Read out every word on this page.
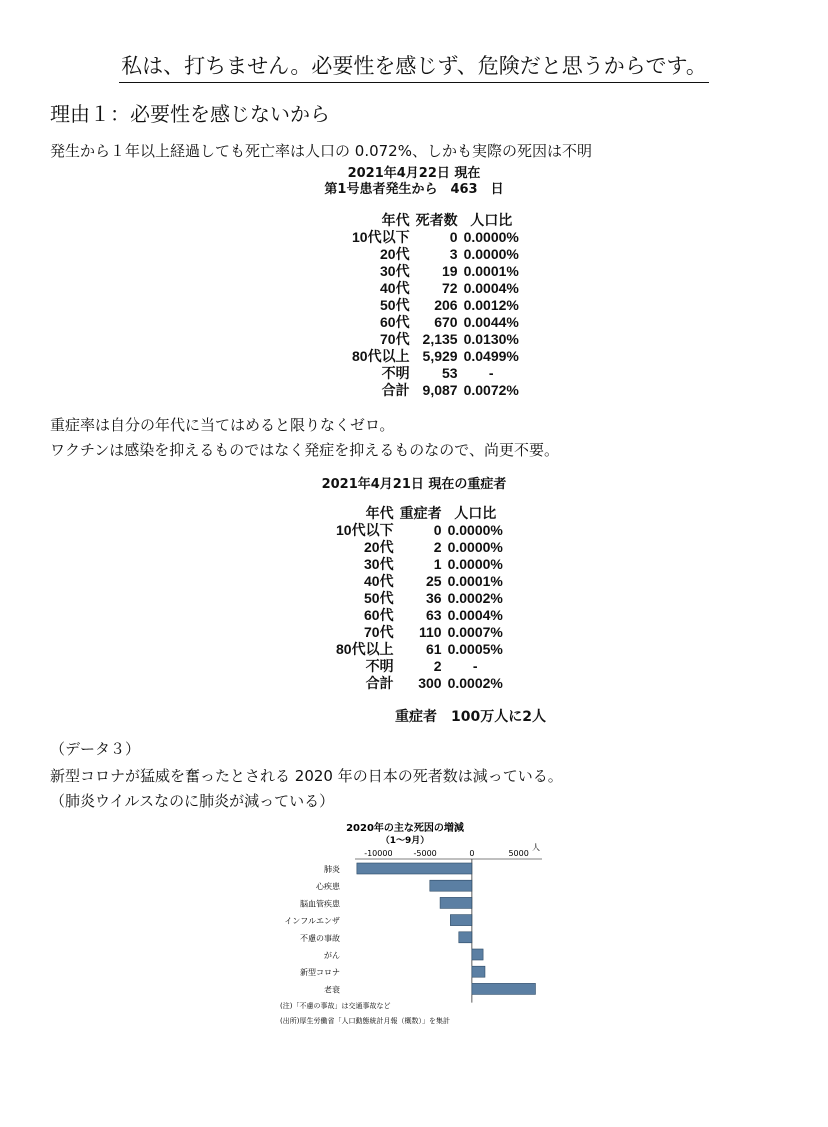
私は、打ちません。必要性を感じず、危険だと思うからです。
理由１：必要性を感じないから
発生から１年以上経過しても死亡率は人口の 0.072%、しかも実際の死因は不明
2021年4月22日 現在
第1号患者発生から　463　日
年代	死者数	人口比
10代以下	0	0.0000%
20代	3	0.0000%
30代	19	0.0001%
40代	72	0.0004%
50代	206	0.0012%
60代	670	0.0044%
70代	2,135	0.0130%
80代以上	5,929	0.0499%
不明	53	-
合計	9,087	0.0072%
重症率は自分の年代に当てはめると限りなくゼロ。
ワクチンは感染を抑えるものではなく発症を抑えるものなので、尚更不要。
2021年4月21日 現在の重症者
年代	重症者	人口比
10代以下	0	0.0000%
20代	2	0.0000%
30代	1	0.0000%
40代	25	0.0001%
50代	36	0.0002%
60代	63	0.0004%
70代	110	0.0007%
80代以上	61	0.0005%
不明	2	-
合計	300	0.0002%
重症者　100万人に2人
（データ３）
新型コロナが猛威を奮ったとされる 2020 年の日本の死者数は減っている。
（肺炎ウイルスなのに肺炎が減っている）
2020年の主な死因の増減
（1～9月）
人
-10000	-5000	0	5000
肺炎
心疾患
脳血管疾患
インフルエンザ
不慮の事故
がん
新型コロナ
老衰
(注)「不慮の事故」は交通事故など
(出所)厚生労働省「人口動態統計月報（概数）」を集計
